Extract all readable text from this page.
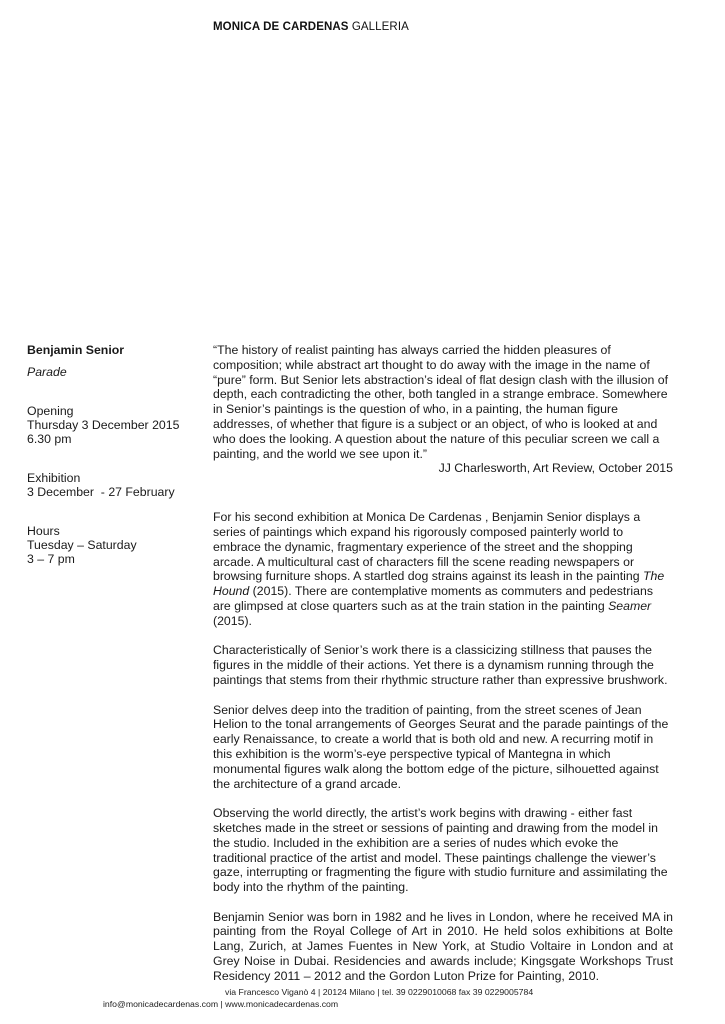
MONICA DE CARDENAS GALLERIA
Benjamin Senior
Parade
Opening
Thursday 3 December 2015
6.30 pm
Exhibition
3 December  - 27 February
Hours
Tuesday – Saturday
3 – 7 pm

“The history of realist painting has always carried the hidden pleasures of composition; while abstract art thought to do away with the image in the name of “pure” form. But Senior lets abstraction’s ideal of flat design clash with the illusion of depth, each contradicting the other, both tangled in a strange embrace. Somewhere in Senior’s paintings is the question of who, in a painting, the human figure addresses, of whether that figure is a subject or an object, of who is looked at and who does the looking. A question about the nature of this peculiar screen we call a painting, and the world we see upon it.”

JJ Charlesworth, Art Review, October 2015

For his second exhibition at Monica De Cardenas , Benjamin Senior displays a series of paintings which expand his rigorously composed painterly world to embrace the dynamic, fragmentary experience of the street and the shopping arcade. A multicultural cast of characters fill the scene reading newspapers or browsing furniture shops. A startled dog strains against its leash in the painting The Hound (2015). There are contemplative moments as commuters and pedestrians are glimpsed at close quarters such as at the train station in the painting Seamer (2015).

Characteristically of Senior’s work there is a classicizing stillness that pauses the figures in the middle of their actions. Yet there is a dynamism running through the paintings that stems from their rhythmic structure rather than expressive brushwork.

Senior delves deep into the tradition of painting, from the street scenes of Jean Helion to the tonal arrangements of Georges Seurat and the parade paintings of the early Renaissance, to create a world that is both old and new. A recurring motif in this exhibition is the worm’s-eye perspective typical of Mantegna in which monumental figures walk along the bottom edge of the picture, silhouetted against the architecture of a grand arcade.

Observing the world directly, the artist’s work begins with drawing - either fast sketches made in the street or sessions of painting and drawing from the model in the studio. Included in the exhibition are a series of nudes which evoke the traditional practice of the artist and model. These paintings challenge the viewer’s gaze, interrupting or fragmenting the figure with studio furniture and assimilating the body into the rhythm of the painting.

Benjamin Senior was born in 1982 and he lives in London, where he received MA in painting from the Royal College of Art in 2010. He held solos exhibitions at Bolte Lang, Zurich, at James Fuentes in New York, at Studio Voltaire in London and at Grey Noise in Dubai. Residencies and awards include; Kingsgate Workshops Trust Residency 2011 – 2012 and the Gordon Luton Prize for Painting, 2010.

via Francesco Viganò 4 | 20124 Milano | tel. 39 0229010068 fax 39 0229005784
info@monicadecardenas.com | www.monicadecardenas.com
